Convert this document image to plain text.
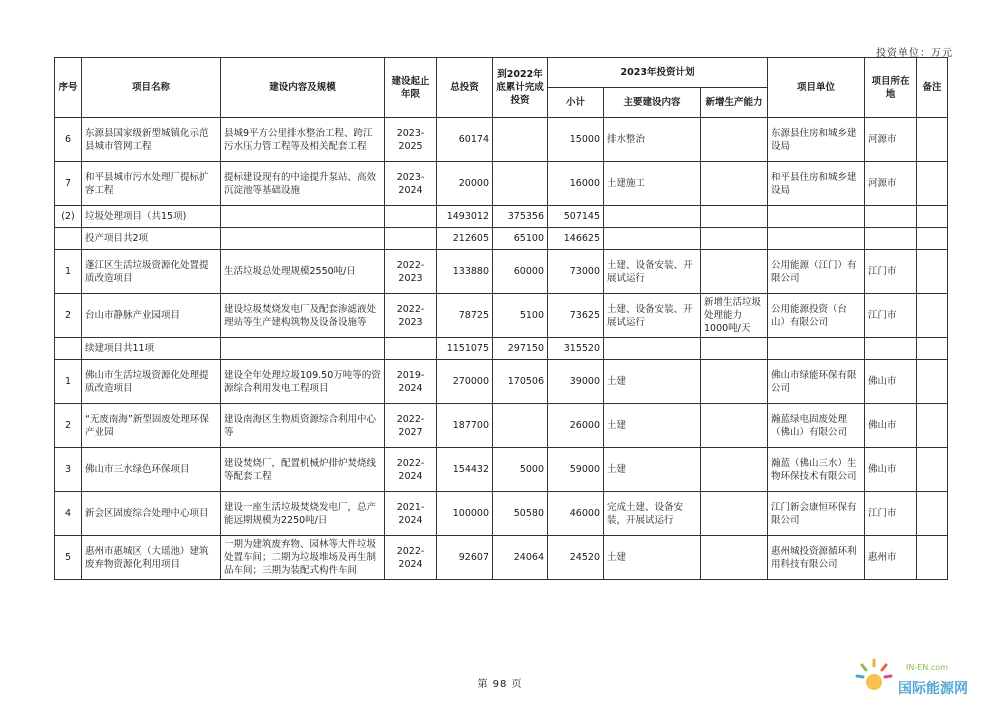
投资单位：万元
序号	项目名称	建设内容及规模	建设起止年限	总投资	到2022年底累计完成投资	2023年投资计划			项目单位	项目所在地	备注
						小计	主要建设内容	新增生产能力			
6	东源县国家级新型城镇化示范县城市管网工程	县城9平方公里排水整治工程、跨江污水压力管工程等及相关配套工程	2023-2025	60174		15000	排水整治		东源县住房和城乡建设局	河源市	
7	和平县城市污水处理厂提标扩容工程	提标建设现有的中途提升泵站、高效沉淀池等基础设施	2023-2024	20000		16000	土建施工		和平县住房和城乡建设局	河源市	
(2)	垃圾处理项目（共15项)			1493012	375356	507145					
	投产项目共2项			212605	65100	146625					
1	蓬江区生活垃圾资源化处置提质改造项目	生活垃圾总处理规模2550吨/日	2022-2023	133880	60000	73000	土建、设备安装、开展试运行		公用能源（江门）有限公司	江门市	
2	台山市静脉产业园项目	建设垃圾焚烧发电厂及配套渗滤液处理站等生产建构筑物及设备设施等	2022-2023	78725	5100	73625	土建、设备安装、开展试运行	新增生活垃圾处理能力1000吨/天	公用能源投资（台山）有限公司	江门市	
	续建项目共11项			1151075	297150	315520					
1	佛山市生活垃圾资源化处理提质改造项目	建设全年处理垃圾109.50万吨等的资源综合利用发电工程项目	2019-2024	270000	170506	39000	土建		佛山市绿能环保有限公司	佛山市	
2	“无废南海”新型固废处理环保产业园	建设南海区生物质资源综合利用中心等	2022-2027	187700		26000	土建		瀚蓝绿电固废处理（佛山）有限公司	佛山市	
3	佛山市三水绿色环保项目	建设焚烧厂，配置机械炉排炉焚烧线等配套工程	2022-2024	154432	5000	59000	土建		瀚蓝（佛山三水）生物环保技术有限公司	佛山市	
4	新会区固废综合处理中心项目	建设一座生活垃圾焚烧发电厂，总产能远期规模为2250吨/日	2021-2024	100000	50580	46000	完成土建、设备安装，开展试运行		江门新会康恒环保有限公司	江门市	
5	惠州市惠城区（大瑶池）建筑废弃物资源化利用项目	一期为建筑废弃物、园林等大件垃圾处置车间；二期为垃圾堆场及再生制品车间；三期为装配式构件车间	2022-2024	92607	24064	24520	土建		惠州城投资源循环利用科技有限公司	惠州市	
第 98 页
IN-EN.com
国际能源网
